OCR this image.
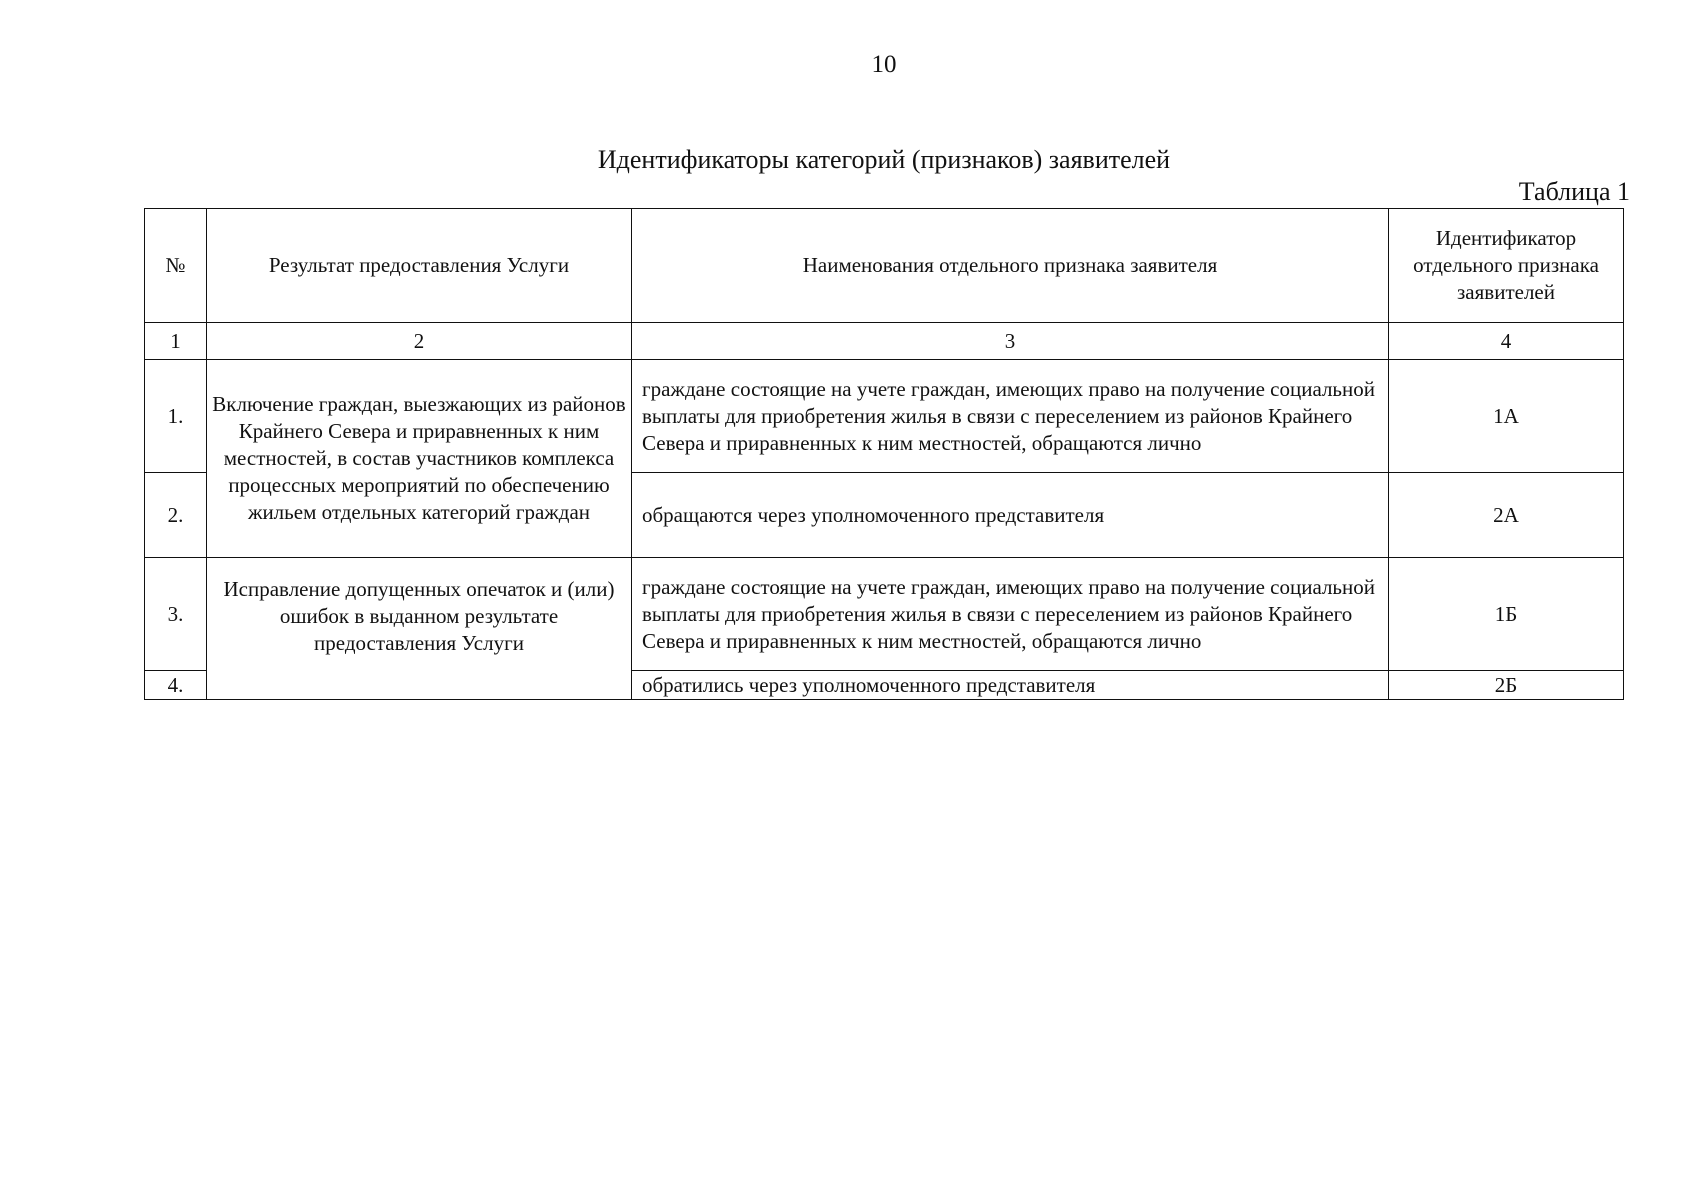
10
Идентификаторы категорий (признаков) заявителей
Таблица 1
№	Результат предоставления Услуги	Наименования отдельного признака заявителя	Идентификатор отдельного признака заявителей
1	2	3	4
1.	Включение граждан, выезжающих из районов Крайнего Севера и приравненных к ним местностей, в состав участников комплекса процессных мероприятий по обеспечению жильем отдельных категорий граждан	граждане состоящие на учете граждан, имеющих право на получение социальной выплаты для приобретения жилья в связи с переселением из районов Крайнего Севера и приравненных к ним местностей, обращаются лично	1А
2.		обращаются через уполномоченного представителя	2А
3.	Исправление допущенных опечаток и (или) ошибок в выданном результате предоставления Услуги	граждане состоящие на учете граждан, имеющих право на получение социальной выплаты для приобретения жилья в связи с переселением из районов Крайнего Севера и приравненных к ним местностей, обращаются лично	1Б
4.		обратились через уполномоченного представителя	2Б
